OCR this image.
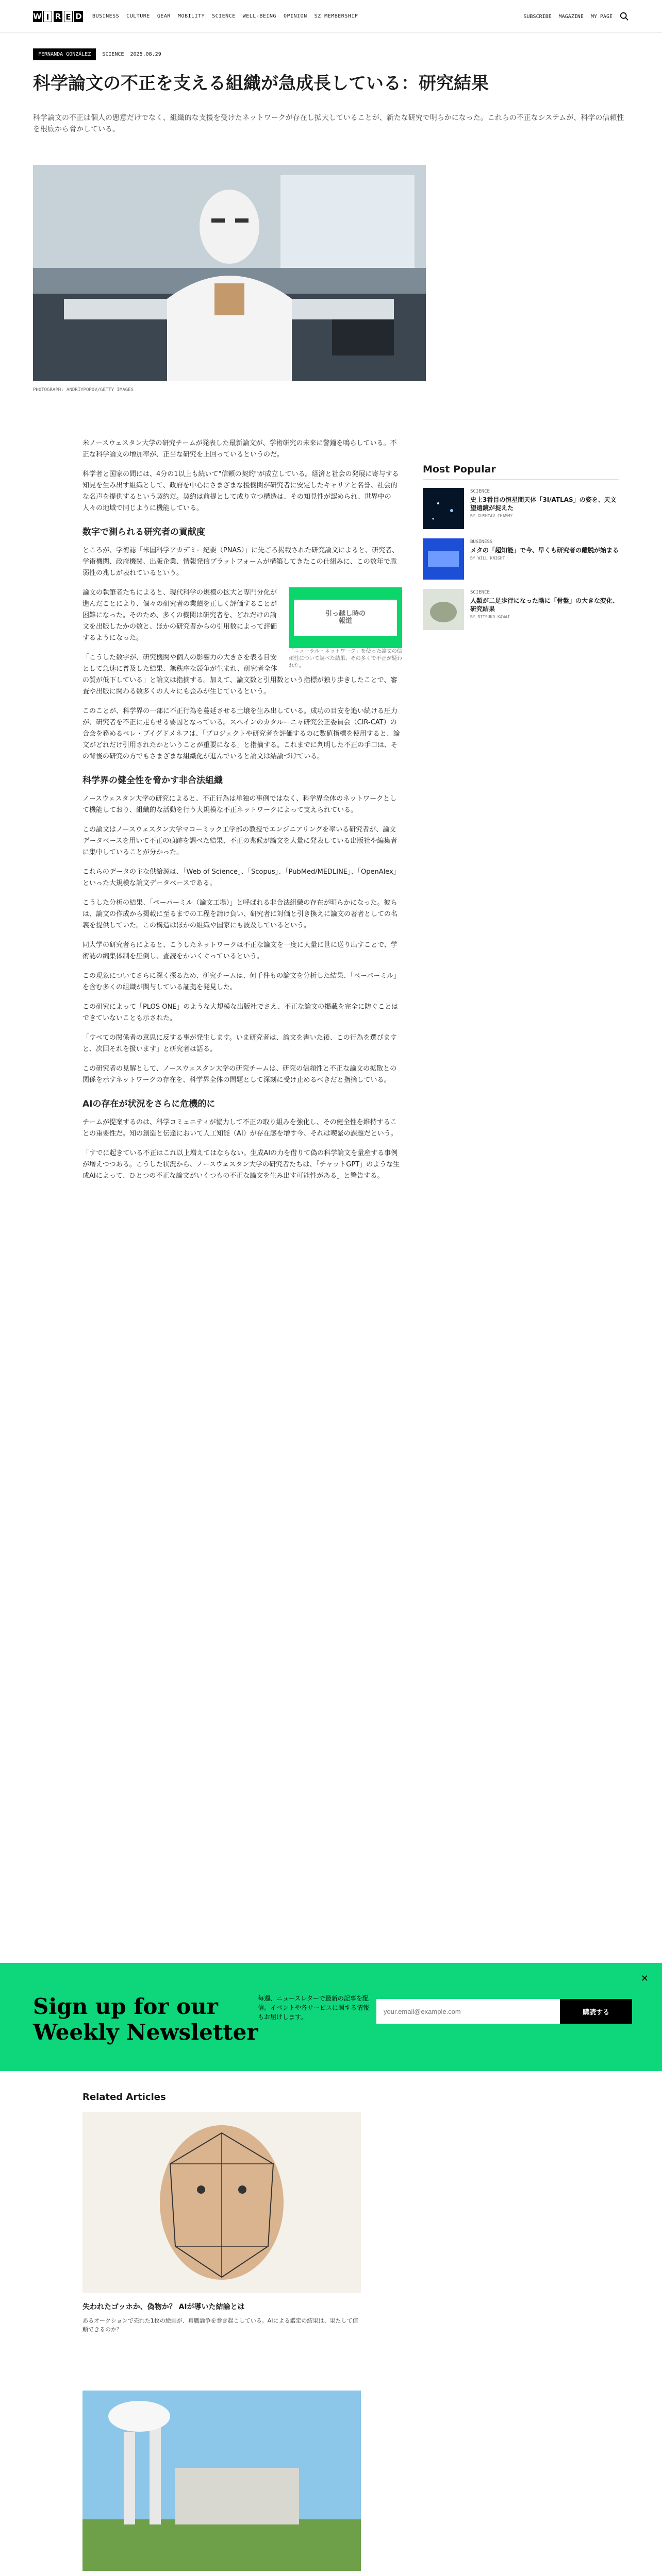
W I R E D BUSINESS CULTURE GEAR MOBILITY SCIENCE WELL-BEING OPINION SZ MEMBERSHIP	SUBSCRIBE MAGAZINE MY PAGE
FERNANDA GONZÁLEZ	SCIENCE 2025.08.29
科学論文の不正を支える組織が急成長している：研究結果
科学論文の不正は個人の悪意だけでなく、組織的な支援を受けたネットワークが存在し拡大していることが、新たな研究で明らかになった。これらの不正なシステムが、科学の信頼性を根底から脅かしている。
PHOTOGRAPH: ANDRIYPOPOV/GETTY IMAGES
Most Popular
SCIENCE
史上3番目の恒星間天体「3I/ATLAS」の姿を、天文望遠鏡が捉えた
BY GUSHTAV CHAMMY
BUSINESS
メタの「超知能」で今、早くも研究者の離脱が始まる
BY WILL KNIGHT
SCIENCE
人類が二足歩行になった陰に「骨盤」の大きな変化、研究結果
BY RITSUKO KAWAI

米ノースウェスタン大学の研究チームが発表した最新論文が、学術研究の未来に警鐘を鳴らしている。不正な科学論文の増加率が、正当な研究を上回っているというのだ。

科学者と国家の間には、4分の1以上も続いて"信頼の契約"が成立している。経済と社会の発展に寄与する知見を生み出す組織として、政府を中心にさまざまな援機関が研究者に安定したキャリアと名誉、社会的な名声を提供するという契約だ。契約は前提として成り立つ構造は、その知見性が認められ、世界中の人々の地域で同じように機能している。

数字で測られる研究者の貢献度

ところが、学術誌「米国科学アカデミー紀要（PNAS）」に先ごろ掲載された研究論文によると、研究者、学術機関、政府機関、出版企業、情報発信プラットフォームが構築してきたこの仕組みに、この数年で脆弱性の兆しが表れているという。

引っ越し時の
報道
「ニューラル・ネットワーク」を使った論文の信頼性について調べた結果、その多くで不正が疑われた。

論文の執筆者たちによると、現代科学の規模の拡大と専門分化が進んだことにより、個々の研究者の業績を正しく評価することが困難になった。そのため、多くの機関は研究者を、どれだけの論文を出版したかの数と、ほかの研究者からの引用数によって評価するようになった。

「こうした数字が、研究機関や個人の影響力の大きさを表る目安として急速に普及した結果、無秩序な競争が生まれ、研究者全体の質が低下している」と論文は指摘する。加えて、論文数と引用数という指標が独り歩きしたことで、審査や出版に関わる数多くの人々にも歪みが生じているという。

このことが、科学界の一部に不正行為を蔓延させる土壌を生み出している。成功の目安を追い続ける圧力が、研究者を不正に走らせる要因となっている。スペインのカタルーニャ研究公正委員会（CIR-CAT）の合会を務めるペレ・ブイグドメネフは、「プロジェクトや研究者を評価するのに数値指標を使用すると、論文がどれだけ引用されたかということが重要になる」と指摘する。これまでに判明した不正の手口は、その背後の研究の方でもさまざまな組織化が進んでいると論文は結論づけている。

科学界の健全性を脅かす非合法組織

ノースウェスタン大学の研究によると、不正行為は単独の事例ではなく、科学界全体のネットワークとして機能しており、組織的な活動を行う大規模な不正ネットワークによって支えられている。

この論文はノースウェスタン大学マコーミック工学部の教授でエンジニアリングを率いる研究者が、論文データベースを用いて不正の痕跡を調べた結果、不正の兆候が論文を大量に発表している出版社や編集者に集中していることが分かった。

これらのデータの主な供給源は、「Web of Science」、「Scopus」、「PubMed/MEDLINE」、「OpenAlex」といった大規模な論文データベースである。

こうした分析の結果、「ペーパーミル（論文工場）」と呼ばれる非合法組織の存在が明らかになった。彼らは、論文の作成から掲載に至るまでの工程を請け負い、研究者に対価と引き換えに論文の著者としての名義を提供していた。この構造はほかの組織や国家にも波及しているという。

同大学の研究者らによると、こうしたネットワークは不正な論文を一度に大量に世に送り出すことで、学術誌の編集体制を圧倒し、査読をかいくぐっているという。

この現象についてさらに深く探るため、研究チームは、何千件もの論文を分析した結果、「ペーパーミル」を含む多くの組織が関与している証拠を発見した。

この研究によって「PLOS ONE」のような大規模な出版社でさえ、不正な論文の掲載を完全に防ぐことはできていないことも示された。

「すべての関係者の意思に反する事が発生します。いま研究者は、論文を書いた後、この行為を選びますと、次回それを扱います」と研究者は語る。

この研究者の見解として、ノースウェスタン大学の研究チームは、研究の信頼性と不正な論文の拡散との関係を示すネットワークの存在を、科学界全体の問題として深刻に受け止めるべきだと指摘している。

AIの存在が状況をさらに危機的に

チームが提案するのは、科学コミュニティが協力して不正の取り組みを強化し、その健全性を維持することの重要性だ。知の創造と伝達において人工知能（AI）が存在感を増す今、それは喫緊の課題だという。

「すでに起きている不正はこれ以上増えてはならない。生成AIの力を借りて偽の科学論文を量産する事例が増えつつある。こうした状況から、ノースウェスタン大学の研究者たちは、「チャットGPT」のような生成AIによって、ひとつの不正な論文がいくつもの不正な論文を生み出す可能性がある」と警告する。

Sign up for our
Weekly Newsletter
毎週、ニュースレターで最新の記事を配信。イベントや各サービスに関する情報もお届けします。
your.email@example.com
購読する
✕
Related Articles
失われたゴッホか、偽物か？ AIが導いた結論とは
あるオークションで売れた1枚の絵画が、真贋論争を巻き起こしている。AIによる鑑定の結果は、果たして信頼できるのか？
